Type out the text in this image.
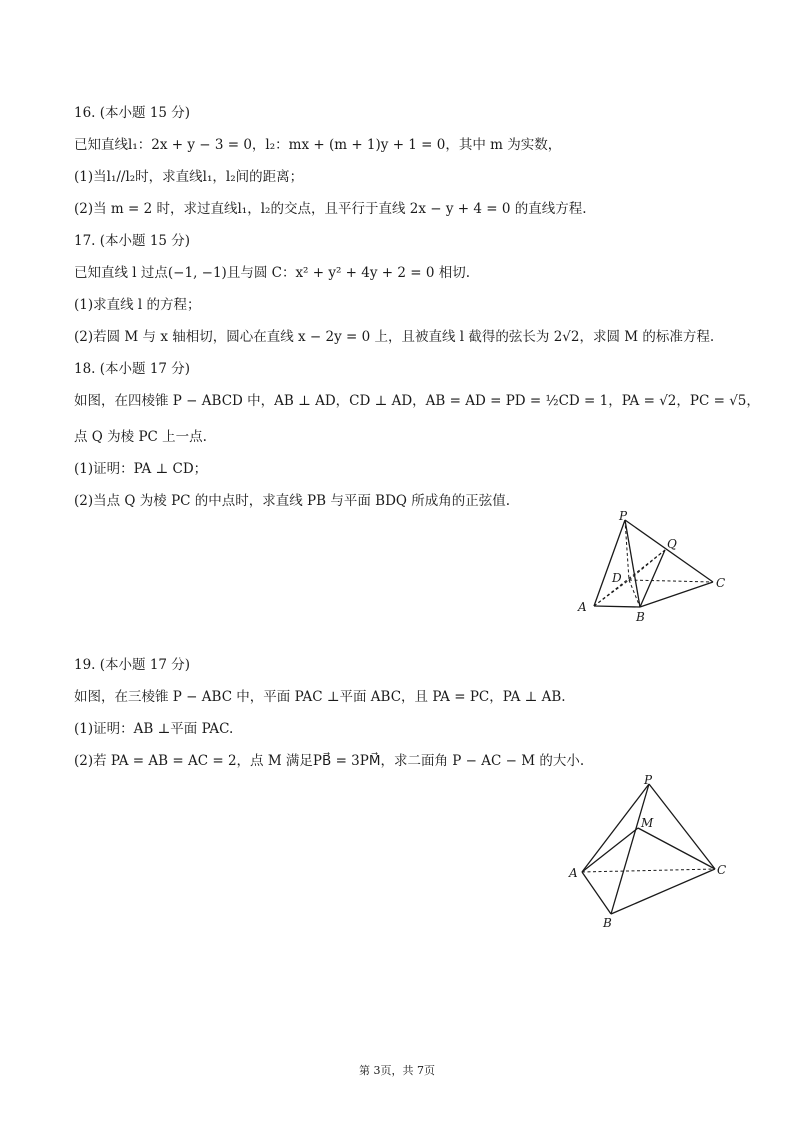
16. (本小题 15 分)
已知直线l₁：2x + y − 3 = 0，l₂：mx + (m + 1)y + 1 = 0，其中 m 为实数，
(1)当l₁//l₂时，求直线l₁，l₂间的距离；
(2)当 m = 2 时，求过直线l₁，l₂的交点，且平行于直线 2x − y + 4 = 0 的直线方程.
17. (本小题 15 分)
已知直线 l 过点(−1, −1)且与圆 C：x² + y² + 4y + 2 = 0 相切.
(1)求直线 l 的方程；
(2)若圆 M 与 x 轴相切，圆心在直线 x − 2y = 0 上，且被直线 l 截得的弦长为 2√2，求圆 M 的标准方程.
18. (本小题 17 分)
如图，在四棱锥 P − ABCD 中，AB ⊥ AD，CD ⊥ AD，AB = AD = PD = ½CD = 1，PA = √2，PC = √5，
点 Q 为棱 PC 上一点.
(1)证明：PA ⊥ CD；
(2)当点 Q 为棱 PC 的中点时，求直线 PB 与平面 BDQ 所成角的正弦值.
P
Q
D	C
A
B
19. (本小题 17 分)
如图，在三棱锥 P − ABC 中，平面 PAC ⊥平面 ABC，且 PA = PC，PA ⊥ AB.
(1)证明：AB ⊥平面 PAC.
(2)若 PA = AB = AC = 2，点 M 满足PB⃗ = 3PM⃗，求二面角 P − AC − M 的大小.
P
M
A	C
B
第 3页，共 7页
